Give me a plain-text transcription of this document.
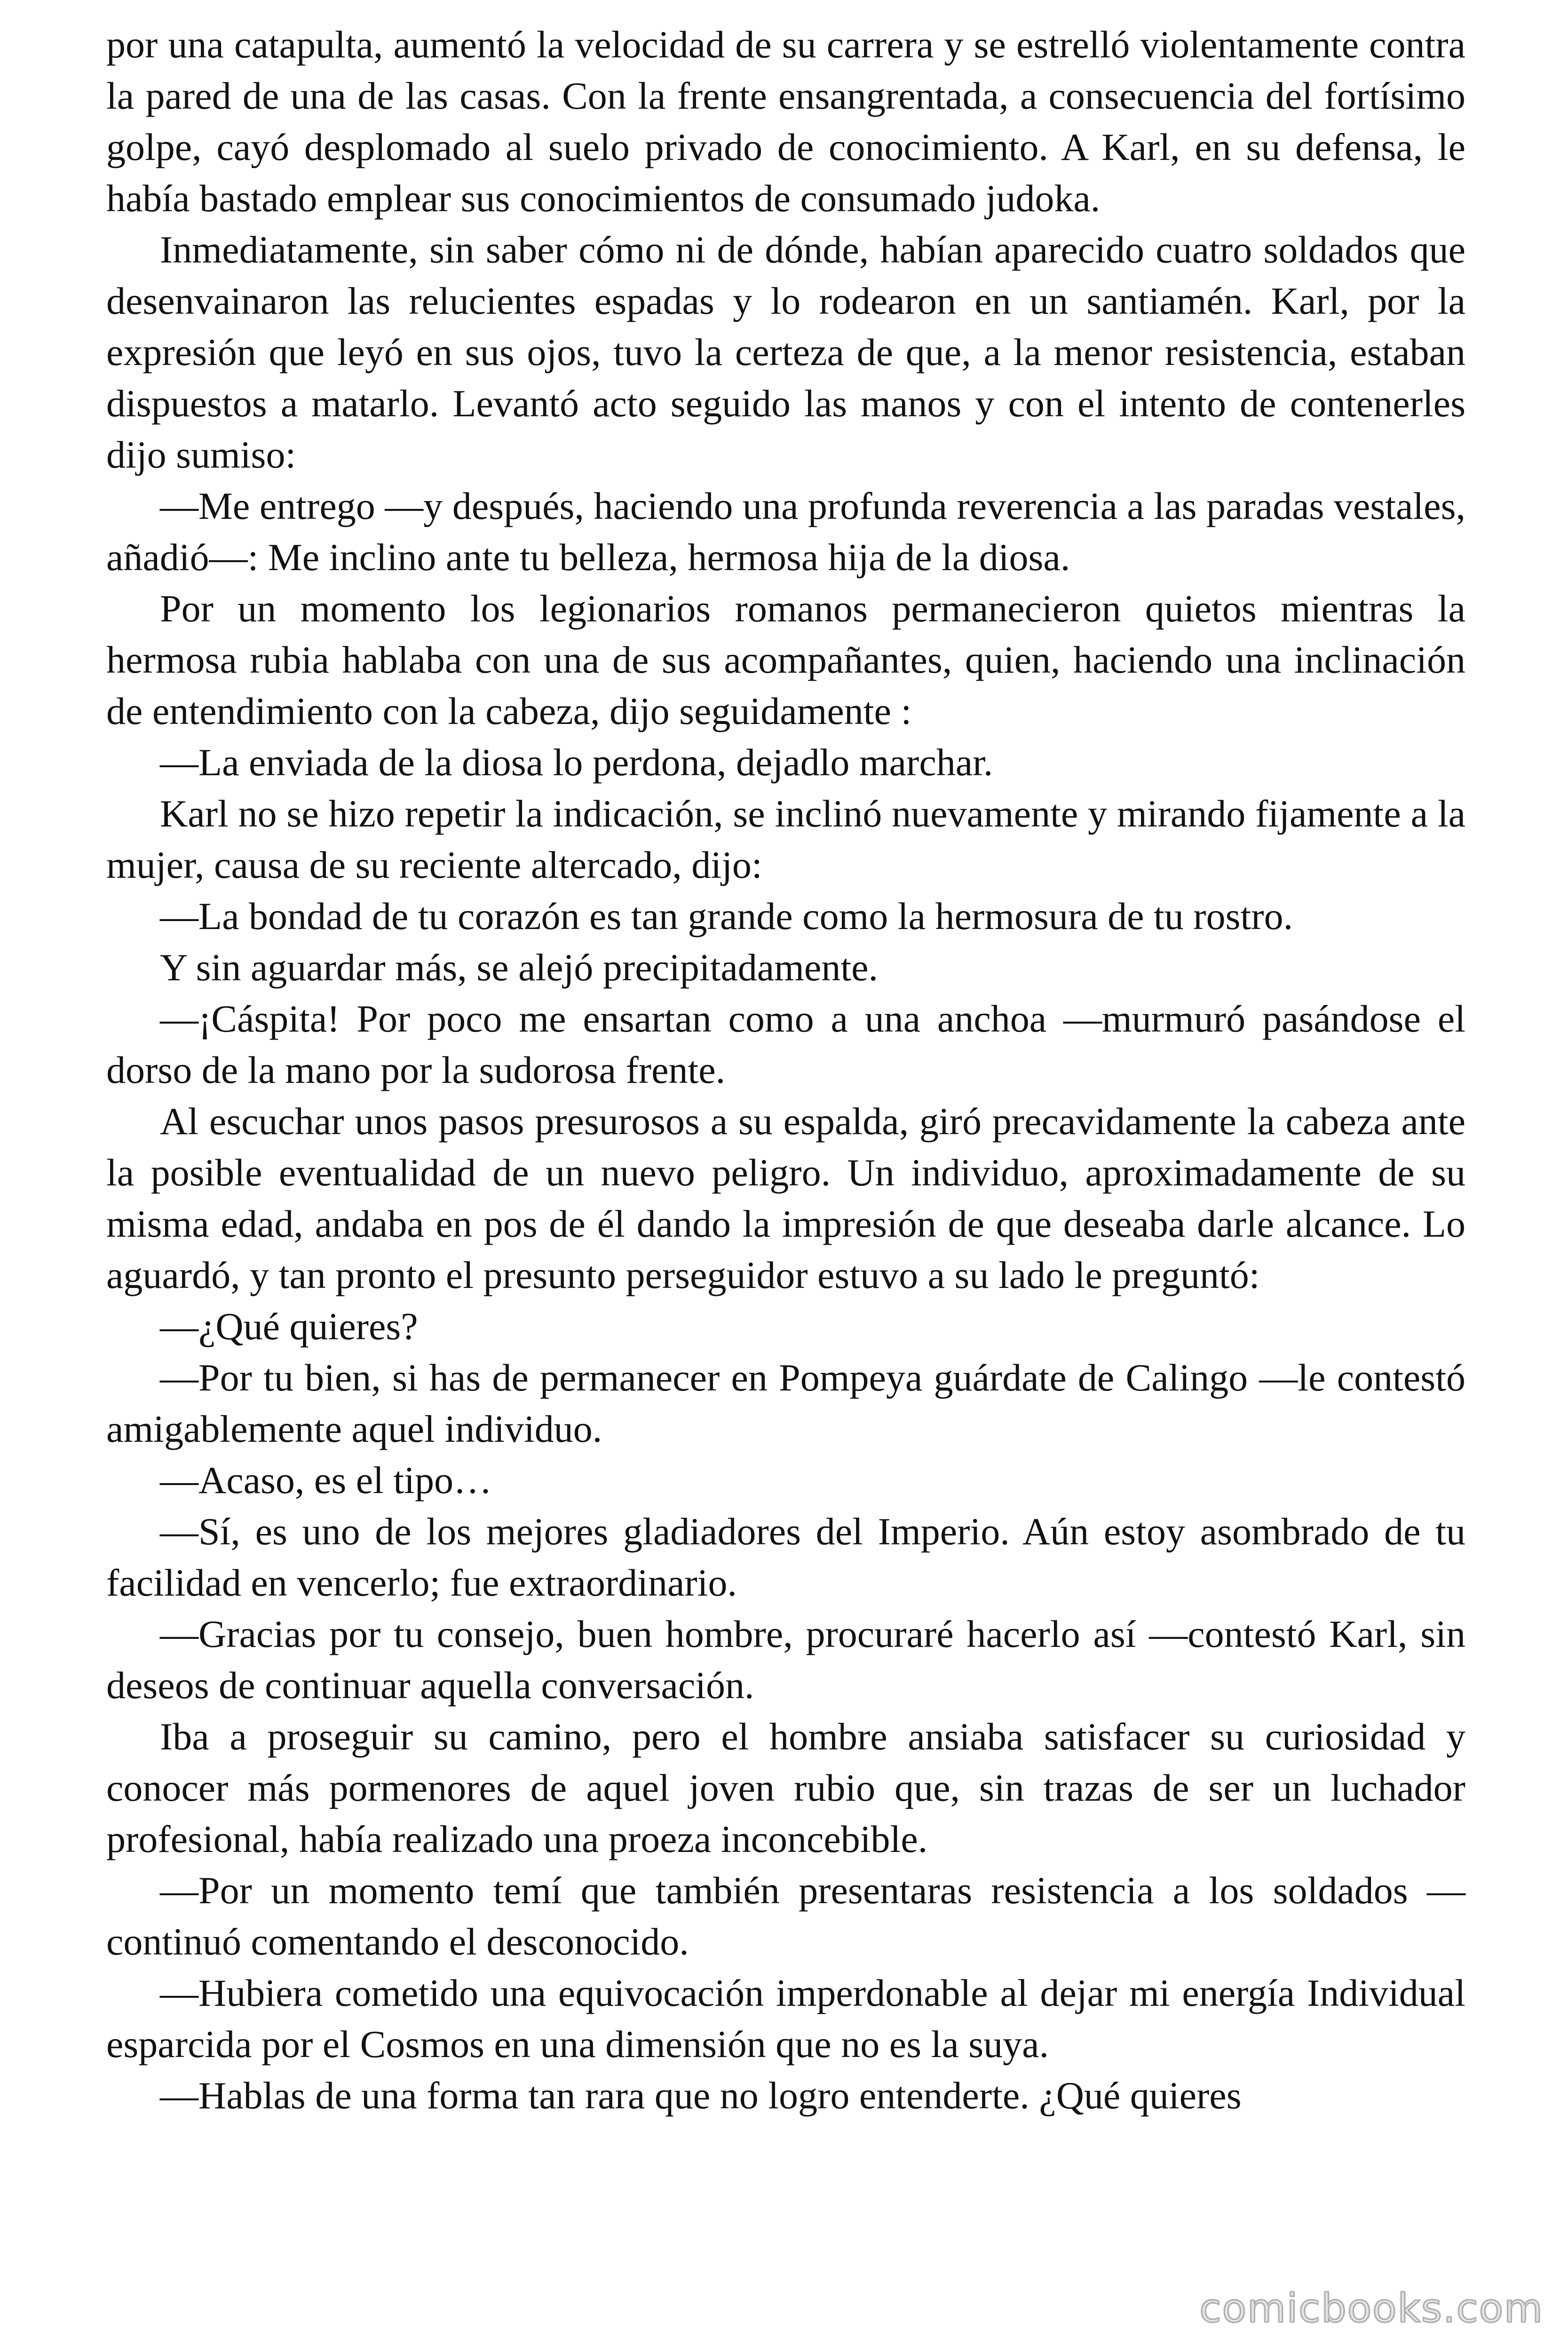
por una catapulta, aumentó la velocidad de su carrera y se estrelló violentamente contra la pared de una de las casas. Con la frente ensangrentada, a consecuencia del fortísimo golpe, cayó desplomado al suelo privado de conocimiento. A Karl, en su defensa, le había bastado emplear sus conocimientos de consumado judoka.

Inmediatamente, sin saber cómo ni de dónde, habían aparecido cuatro soldados que desenvainaron las relucientes espadas y lo rodearon en un santiamén. Karl, por la expresión que leyó en sus ojos, tuvo la certeza de que, a la menor resistencia, estaban dispuestos a matarlo. Levantó acto seguido las manos y con el intento de contenerles dijo sumiso:

—Me entrego —y después, haciendo una profunda reverencia a las paradas vestales, añadió—: Me inclino ante tu belleza, hermosa hija de la diosa.

Por un momento los legionarios romanos permanecieron quietos mientras la hermosa rubia hablaba con una de sus acompañantes, quien, haciendo una inclinación de entendimiento con la cabeza, dijo seguidamente :

—La enviada de la diosa lo perdona, dejadlo marchar.

Karl no se hizo repetir la indicación, se inclinó nuevamente y mirando fijamente a la mujer, causa de su reciente altercado, dijo:

—La bondad de tu corazón es tan grande como la hermosura de tu rostro.

Y sin aguardar más, se alejó precipitadamente.

—¡Cáspita! Por poco me ensartan como a una anchoa —murmuró pasándose el dorso de la mano por la sudorosa frente.

Al escuchar unos pasos presurosos a su espalda, giró precavidamente la cabeza ante la posible eventualidad de un nuevo peligro. Un individuo, aproximadamente de su misma edad, andaba en pos de él dando la impresión de que deseaba darle alcance. Lo aguardó, y tan pronto el presunto perseguidor estuvo a su lado le preguntó:

—¿Qué quieres?

—Por tu bien, si has de permanecer en Pompeya guárdate de Calingo —le contestó amigablemente aquel individuo.

—Acaso, es el tipo…

—Sí, es uno de los mejores gladiadores del Imperio. Aún estoy asombrado de tu facilidad en vencerlo; fue extraordinario.

—Gracias por tu consejo, buen hombre, procuraré hacerlo así —contestó Karl, sin deseos de continuar aquella conversación.

Iba a proseguir su camino, pero el hombre ansiaba satisfacer su curiosidad y conocer más pormenores de aquel joven rubio que, sin trazas de ser un luchador profesional, había realizado una proeza inconcebible.

—Por un momento temí que también presentaras resistencia a los soldados —continuó comentando el desconocido.

—Hubiera cometido una equivocación imperdonable al dejar mi energía Individual esparcida por el Cosmos en una dimensión que no es la suya.

—Hablas de una forma tan rara que no logro entenderte. ¿Qué quieres

comicbooks.com
